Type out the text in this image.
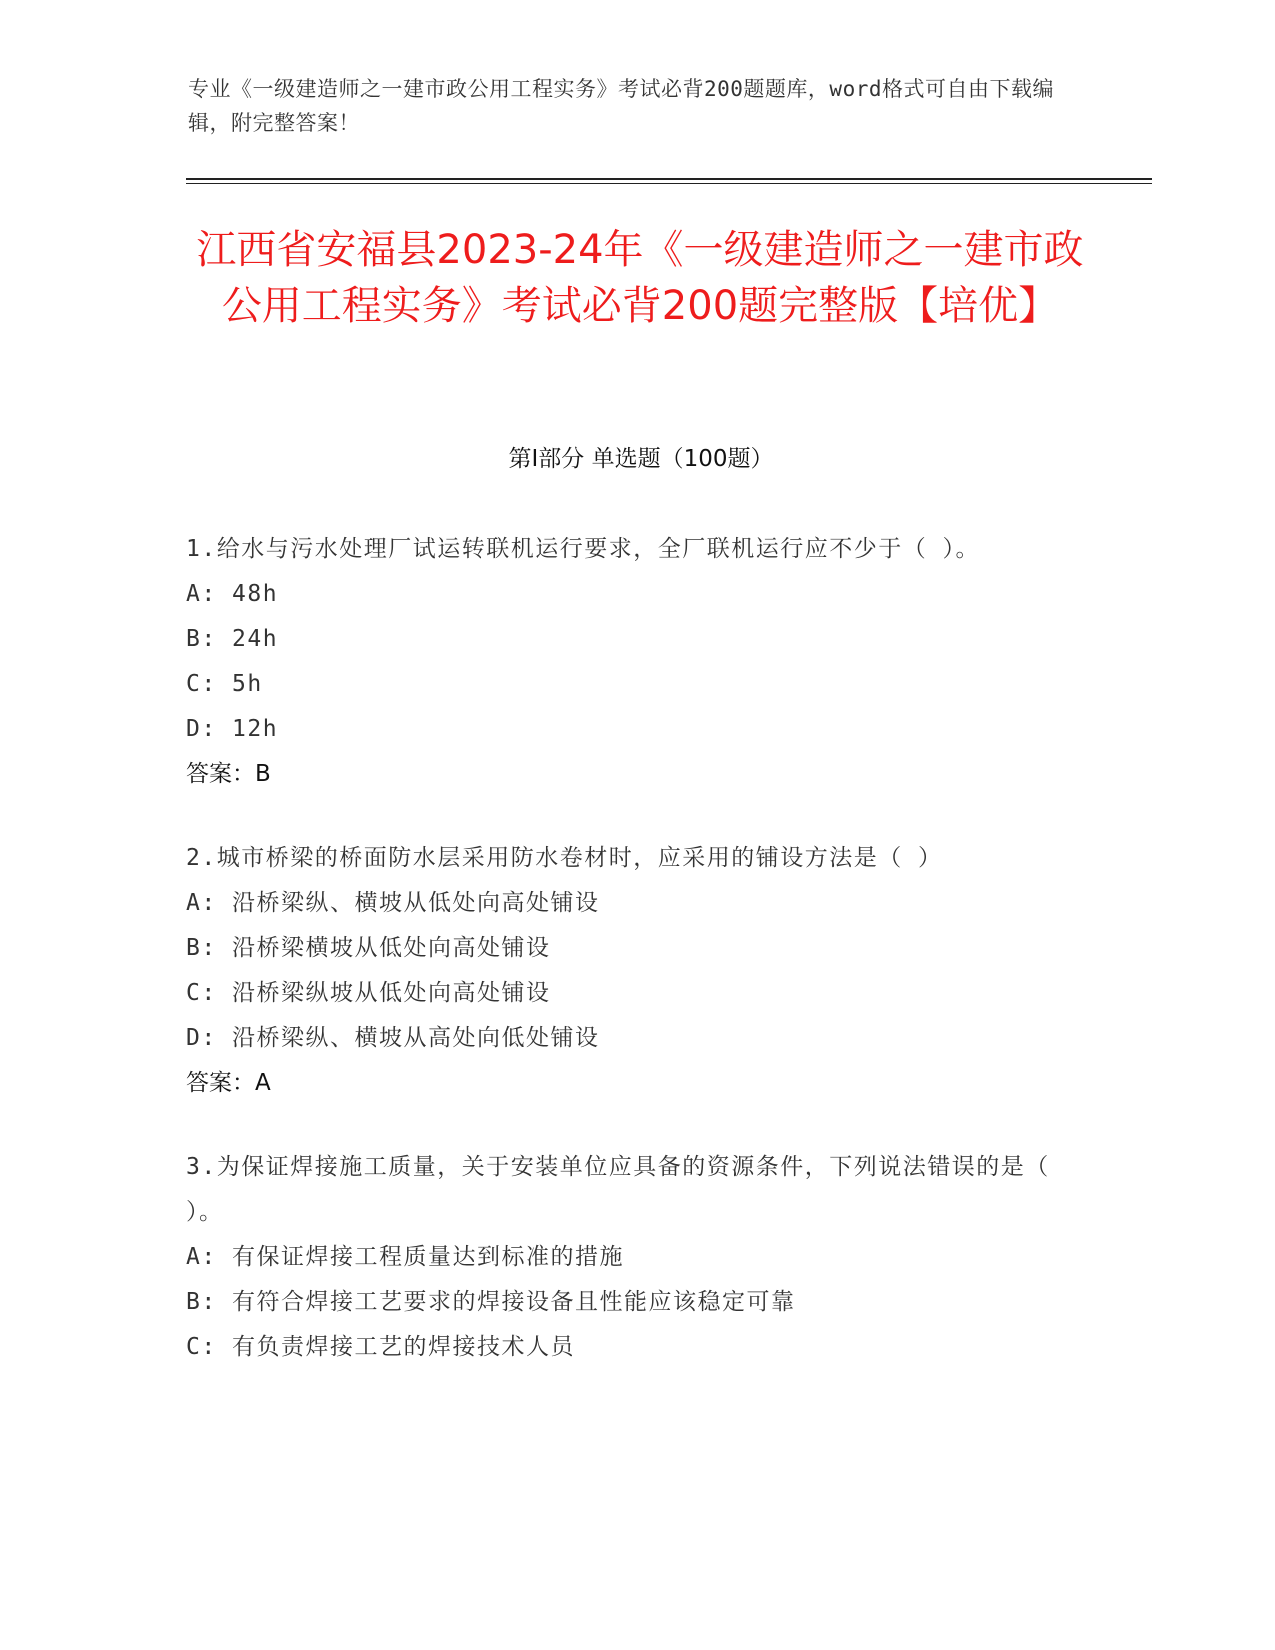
专业《一级建造师之一建市政公用工程实务》考试必背200题题库，word格式可自由下载编辑，附完整答案！
江西省安福县2023-24年《一级建造师之一建市政公用工程实务》考试必背200题完整版【培优】
第I部分 单选题（100题）
1.给水与污水处理厂试运转联机运行要求，全厂联机运行应不少于（ ）。
A: 48h
B: 24h
C: 5h
D: 12h
答案：B
2.城市桥梁的桥面防水层采用防水卷材时，应采用的铺设方法是（ ）
A: 沿桥梁纵、横坡从低处向高处铺设
B: 沿桥梁横坡从低处向高处铺设
C: 沿桥梁纵坡从低处向高处铺设
D: 沿桥梁纵、横坡从高处向低处铺设
答案：A
3.为保证焊接施工质量，关于安装单位应具备的资源条件，下列说法错误的是（ ）。
A: 有保证焊接工程质量达到标准的措施
B: 有符合焊接工艺要求的焊接设备且性能应该稳定可靠
C: 有负责焊接工艺的焊接技术人员
